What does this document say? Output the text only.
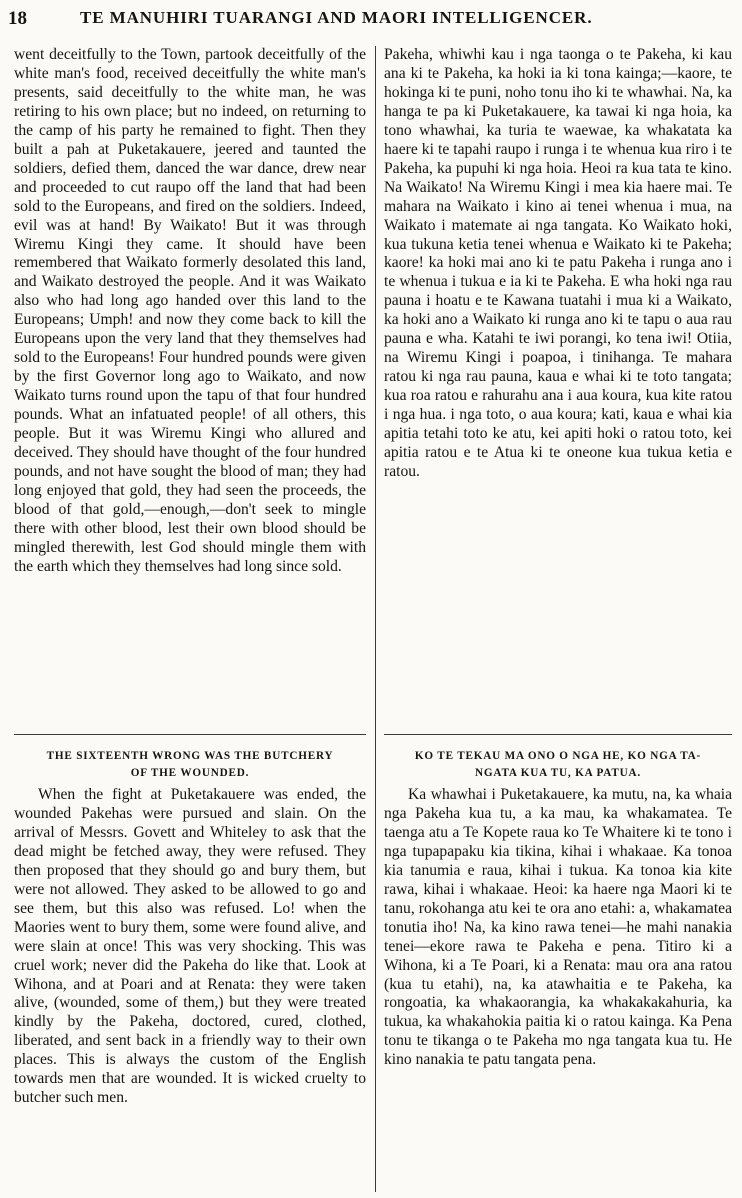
18	TE MANUHIRI TUARANGI AND MAORI INTELLIGENCER.

went deceitfully to the Town, partook deceitfully of the white man's food, received deceitfully the white man's presents, said deceitfully to the white man, he was retiring to his own place; but no indeed, on returning to the camp of his party he remained to fight. Then they built a pah at Puketakauere, jeered and taunted the soldiers, defied them, danced the war dance, drew near and proceeded to cut raupo off the land that had been sold to the Europeans, and fired on the soldiers. Indeed, evil was at hand! By Waikato! But it was through Wiremu Kingi they came. It should have been remembered that Waikato formerly desolated this land, and Waikato destroyed the people. And it was Waikato also who had long ago handed over this land to the Europeans; Umph! and now they come back to kill the Europeans upon the very land that they themselves had sold to the Europeans! Four hundred pounds were given by the first Governor long ago to Waikato, and now Waikato turns round upon the tapu of that four hundred pounds. What an infatuated people! of all others, this people. But it was Wiremu Kingi who allured and deceived. They should have thought of the four hundred pounds, and not have sought the blood of man; they had long enjoyed that gold, they had seen the proceeds, the blood of that gold,—enough,—don't seek to mingle there with other blood, lest their own blood should be mingled therewith, lest God should mingle them with the earth which they themselves had long since sold.

Pakeha, whiwhi kau i nga taonga o te Pakeha, ki kau ana ki te Pakeha, ka hoki ia ki tona kainga;—kaore, te hokinga ki te puni, noho tonu iho ki te whawhai. Na, ka hanga te pa ki Puketakauere, ka tawai ki nga hoia, ka tono whawhai, ka turia te waewae, ka whakatata ka haere ki te tapahi raupo i runga i te whenua kua riro i te Pakeha, ka pupuhi ki nga hoia. Heoi ra kua tata te kino. Na Waikato! Na Wiremu Kingi i mea kia haere mai. Te mahara na Waikato i kino ai tenei whenua i mua, na Waikato i matemate ai nga tangata. Ko Waikato hoki, kua tukuna ketia tenei whenua e Waikato ki te Pakeha; kaore! ka hoki mai ano ki te patu Pakeha i runga ano i te whenua i tukua e ia ki te Pakeha. E wha hoki nga rau pauna i hoatu e te Kawana tuatahi i mua ki a Waikato, ka hoki ano a Waikato ki runga ano ki te tapu o aua rau pauna e wha. Katahi te iwi porangi, ko tena iwi! Otiia, na Wiremu Kingi i poapoa, i tinihanga. Te mahara ratou ki nga rau pauna, kaua e whai ki te toto tangata; kua roa ratou e rahurahu ana i aua koura, kua kite ratou i nga hua. i nga toto, o aua koura; kati, kaua e whai kia apitia tetahi toto ke atu, kei apiti hoki o ratou toto, kei apitia ratou e te Atua ki te oneone kua tukua ketia e ratou.

THE SIXTEENTH WRONG WAS THE BUTCHERY
OF THE WOUNDED.

When the fight at Puketakauere was ended, the wounded Pakehas were pursued and slain. On the arrival of Messrs. Govett and Whiteley to ask that the dead might be fetched away, they were refused. They then proposed that they should go and bury them, but were not allowed. They asked to be allowed to go and see them, but this also was refused. Lo! when the Maories went to bury them, some were found alive, and were slain at once! This was very shocking. This was cruel work; never did the Pakeha do like that. Look at Wihona, and at Poari and at Renata: they were taken alive, (wounded, some of them,) but they were treated kindly by the Pakeha, doctored, cured, clothed, liberated, and sent back in a friendly way to their own places. This is always the custom of the English towards men that are wounded. It is wicked cruelty to butcher such men.

KO TE TEKAU MA ONO O NGA HE, KO NGA TA-
NGATA KUA TU, KA PATUA.

Ka whawhai i Puketakauere, ka mutu, na, ka whaia nga Pakeha kua tu, a ka mau, ka whakamatea. Te taenga atu a Te Kopete raua ko Te Whaitere ki te tono i nga tupapapaku kia tikina, kihai i whakaae. Ka tonoa kia tanumia e raua, kihai i tukua. Ka tonoa kia kite rawa, kihai i whakaae. Heoi: ka haere nga Maori ki te tanu, rokohanga atu kei te ora ano etahi: a, whakamatea tonutia iho! Na, ka kino rawa tenei—he mahi nanakia tenei—ekore rawa te Pakeha e pena. Titiro ki a Wihona, ki a Te Poari, ki a Renata: mau ora ana ratou (kua tu etahi), na, ka atawhaitia e te Pakeha, ka rongoatia, ka whakaorangia, ka whakakakahuria, ka tukua, ka whakahokia paitia ki o ratou kainga. Ka Pena tonu te tikanga o te Pakeha mo nga tangata kua tu. He kino nanakia te patu tangata pena.
